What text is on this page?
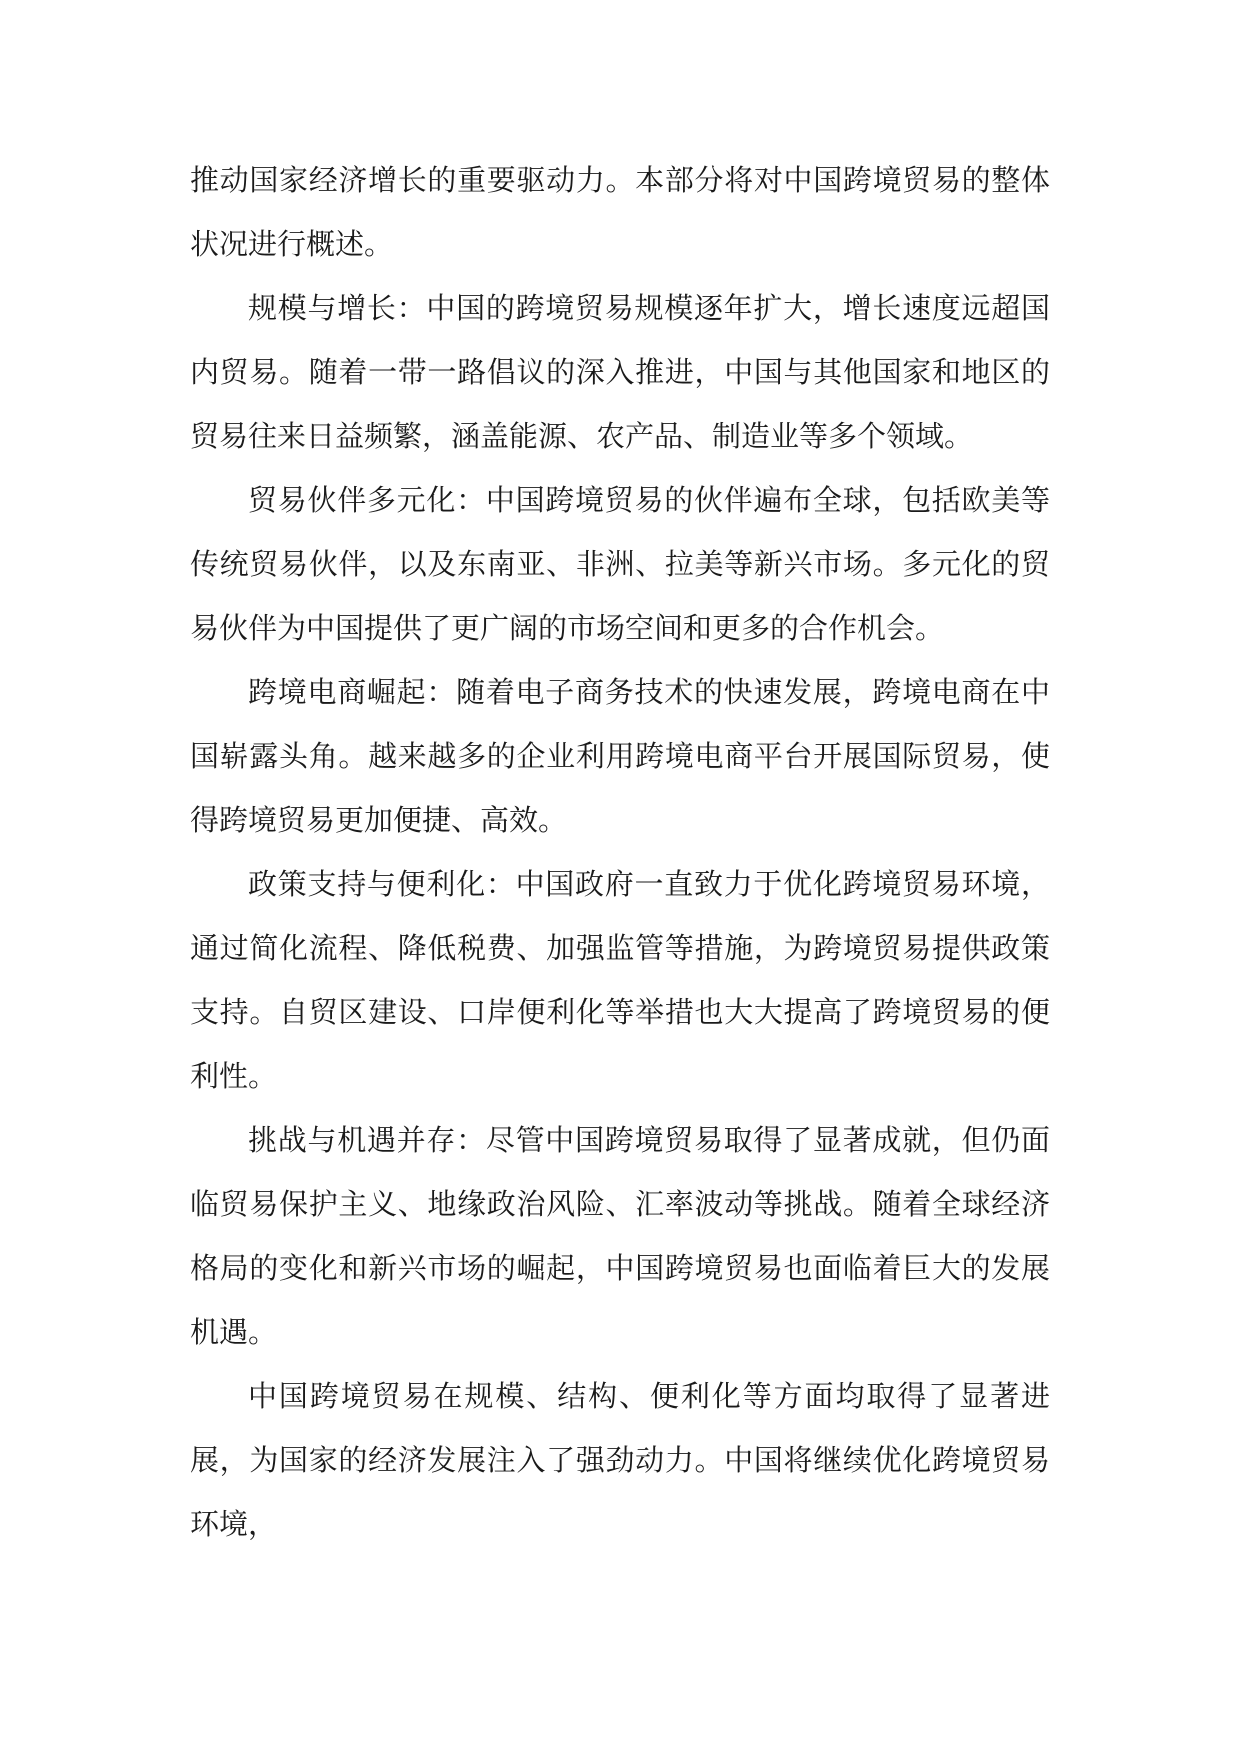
推动国家经济增长的重要驱动力。本部分将对中国跨境贸易的整体状况进行概述。

规模与增长：中国的跨境贸易规模逐年扩大，增长速度远超国内贸易。随着一带一路倡议的深入推进，中国与其他国家和地区的贸易往来日益频繁，涵盖能源、农产品、制造业等多个领域。

贸易伙伴多元化：中国跨境贸易的伙伴遍布全球，包括欧美等传统贸易伙伴，以及东南亚、非洲、拉美等新兴市场。多元化的贸易伙伴为中国提供了更广阔的市场空间和更多的合作机会。

跨境电商崛起：随着电子商务技术的快速发展，跨境电商在中国崭露头角。越来越多的企业利用跨境电商平台开展国际贸易，使得跨境贸易更加便捷、高效。

政策支持与便利化：中国政府一直致力于优化跨境贸易环境，通过简化流程、降低税费、加强监管等措施，为跨境贸易提供政策支持。自贸区建设、口岸便利化等举措也大大提高了跨境贸易的便利性。

挑战与机遇并存：尽管中国跨境贸易取得了显著成就，但仍面临贸易保护主义、地缘政治风险、汇率波动等挑战。随着全球经济格局的变化和新兴市场的崛起，中国跨境贸易也面临着巨大的发展机遇。

中国跨境贸易在规模、结构、便利化等方面均取得了显著进展，为国家的经济发展注入了强劲动力。中国将继续优化跨境贸易环境，
